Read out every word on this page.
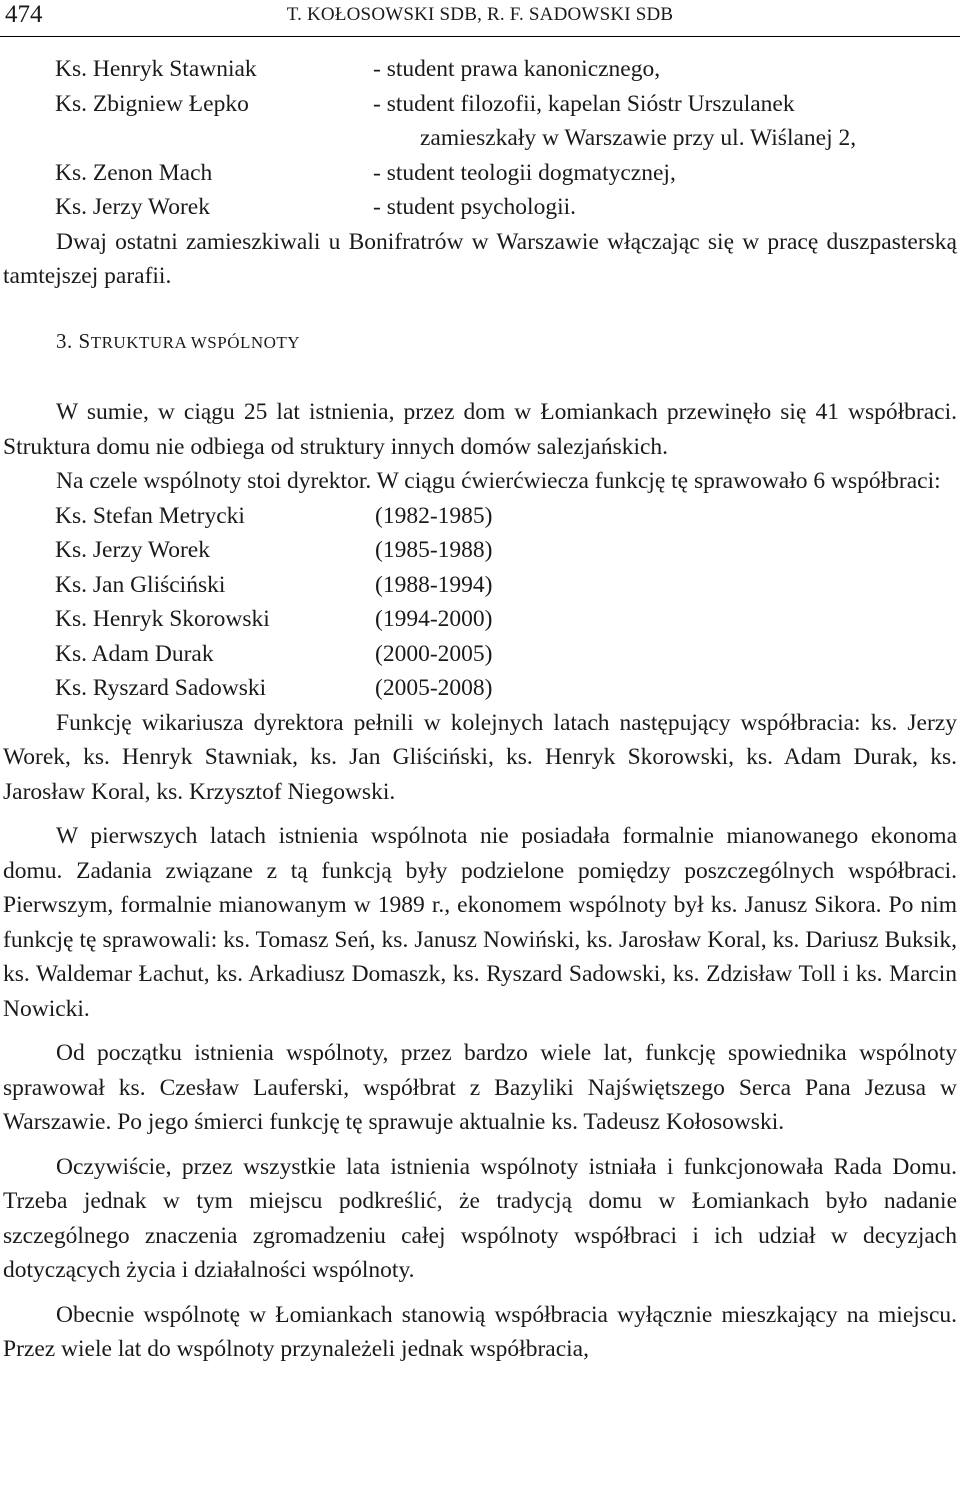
474	T. KOŁOSOWSKI SDB, R. F. SADOWSKI SDB
Ks. Henryk Stawniak	- student prawa kanonicznego,
Ks. Zbigniew Łepko	- student filozofii, kapelan Sióstr Urszulanek
zamieszkały w Warszawie przy ul. Wiślanej 2,
Ks. Zenon Mach	- student teologii dogmatycznej,
Ks. Jerzy Worek	- student psychologii.

Dwaj ostatni zamieszkiwali u Bonifratrów w Warszawie włączając się w pracę duszpasterską tamtejszej parafii.

3. STRUKTURA WSPÓLNOTY

W sumie, w ciągu 25 lat istnienia, przez dom w Łomiankach przewinęło się 41 współbraci. Struktura domu nie odbiega od struktury innych domów salezjańskich.

Na czele wspólnoty stoi dyrektor. W ciągu ćwierćwiecza funkcję tę sprawowało 6 współbraci:

Ks. Stefan Metrycki	(1982-1985)
Ks. Jerzy Worek	(1985-1988)
Ks. Jan Gliściński	(1988-1994)
Ks. Henryk Skorowski	(1994-2000)
Ks. Adam Durak	(2000-2005)
Ks. Ryszard Sadowski	(2005-2008)

Funkcję wikariusza dyrektora pełnili w kolejnych latach następujący współbracia: ks. Jerzy Worek, ks. Henryk Stawniak, ks. Jan Gliściński, ks. Henryk Skorowski, ks. Adam Durak, ks. Jarosław Koral, ks. Krzysztof Niegowski.

W pierwszych latach istnienia wspólnota nie posiadała formalnie mianowanego ekonoma domu. Zadania związane z tą funkcją były podzielone pomiędzy poszczególnych współbraci. Pierwszym, formalnie mianowanym w 1989 r., ekonomem wspólnoty był ks. Janusz Sikora. Po nim funkcję tę sprawowali: ks. Tomasz Seń, ks. Janusz Nowiński, ks. Jarosław Koral, ks. Dariusz Buksik, ks. Waldemar Łachut, ks. Arkadiusz Domaszk, ks. Ryszard Sadowski, ks. Zdzisław Toll i ks. Marcin Nowicki.

Od początku istnienia wspólnoty, przez bardzo wiele lat, funkcję spowiednika wspólnoty sprawował ks. Czesław Lauferski, współbrat z Bazyliki Najświętszego Serca Pana Jezusa w Warszawie. Po jego śmierci funkcję tę sprawuje aktualnie ks. Tadeusz Kołosowski.

Oczywiście, przez wszystkie lata istnienia wspólnoty istniała i funkcjonowała Rada Domu. Trzeba jednak w tym miejscu podkreślić, że tradycją domu w Łomiankach było nadanie szczególnego znaczenia zgromadzeniu całej wspólnoty współbraci i ich udział w decyzjach dotyczących życia i działalności wspólnoty.

Obecnie wspólnotę w Łomiankach stanowią współbracia wyłącznie mieszkający na miejscu. Przez wiele lat do wspólnoty przynależeli jednak współbracia,
